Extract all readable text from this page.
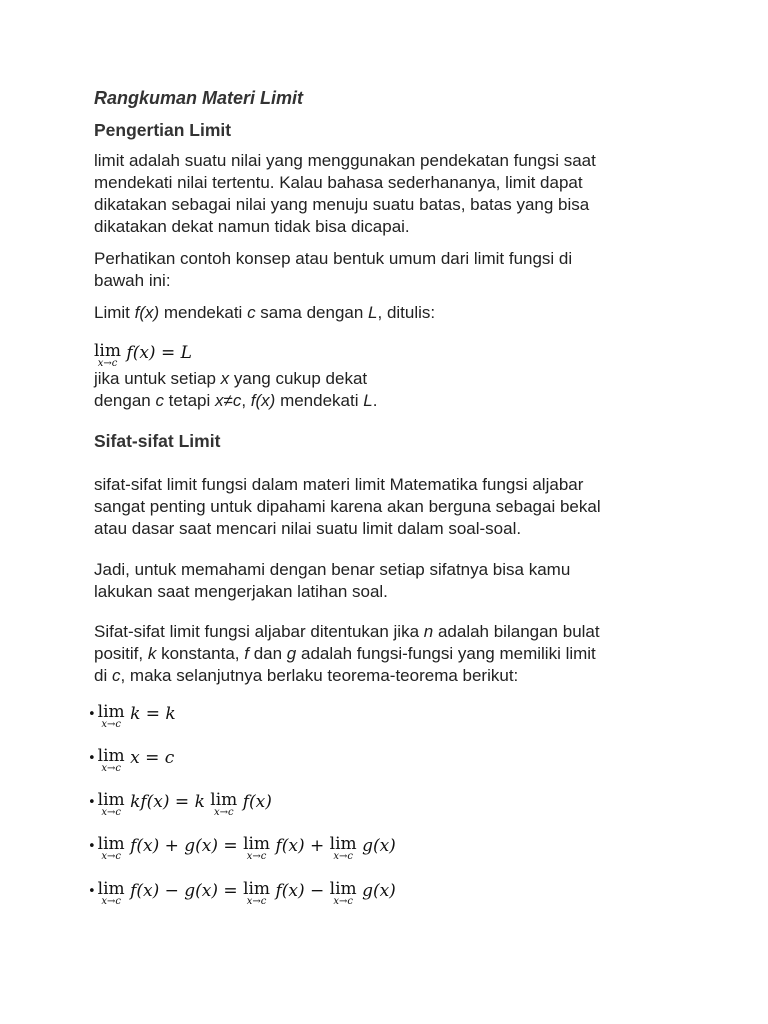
Rangkuman Materi Limit

Pengertian Limit

limit adalah suatu nilai yang menggunakan pendekatan fungsi saat
mendekati nilai tertentu. Kalau bahasa sederhananya, limit dapat
dikatakan sebagai nilai yang menuju suatu batas, batas yang bisa
dikatakan dekat namun tidak bisa dicapai.

Perhatikan contoh konsep atau bentuk umum dari limit fungsi di
bawah ini:

Limit f(x) mendekati c sama dengan L, ditulis:

lim
x→c
f(x) = L

jika untuk setiap x yang cukup dekat
dengan c tetapi x≠c, f(x) mendekati L.

Sifat-sifat Limit

sifat-sifat limit fungsi dalam materi limit Matematika fungsi aljabar
sangat penting untuk dipahami karena akan berguna sebagai bekal
atau dasar saat mencari nilai suatu limit dalam soal-soal.

Jadi, untuk memahami dengan benar setiap sifatnya bisa kamu
lakukan saat mengerjakan latihan soal.

Sifat-sifat limit fungsi aljabar ditentukan jika n adalah bilangan bulat
positif, k konstanta, f dan g adalah fungsi-fungsi yang memiliki limit
di c, maka selanjutnya berlaku teorema-teorema berikut:

• lim
x→c
k = k
• lim
x→c
x = c
• lim
x→c
kf(x) = k lim
x→c
f(x)
• lim
x→c
f(x) + g(x) = lim
x→c
f(x) + lim
x→c
g(x)
• lim
x→c
f(x) − g(x) = lim
x→c
f(x) − lim
x→c
g(x)
